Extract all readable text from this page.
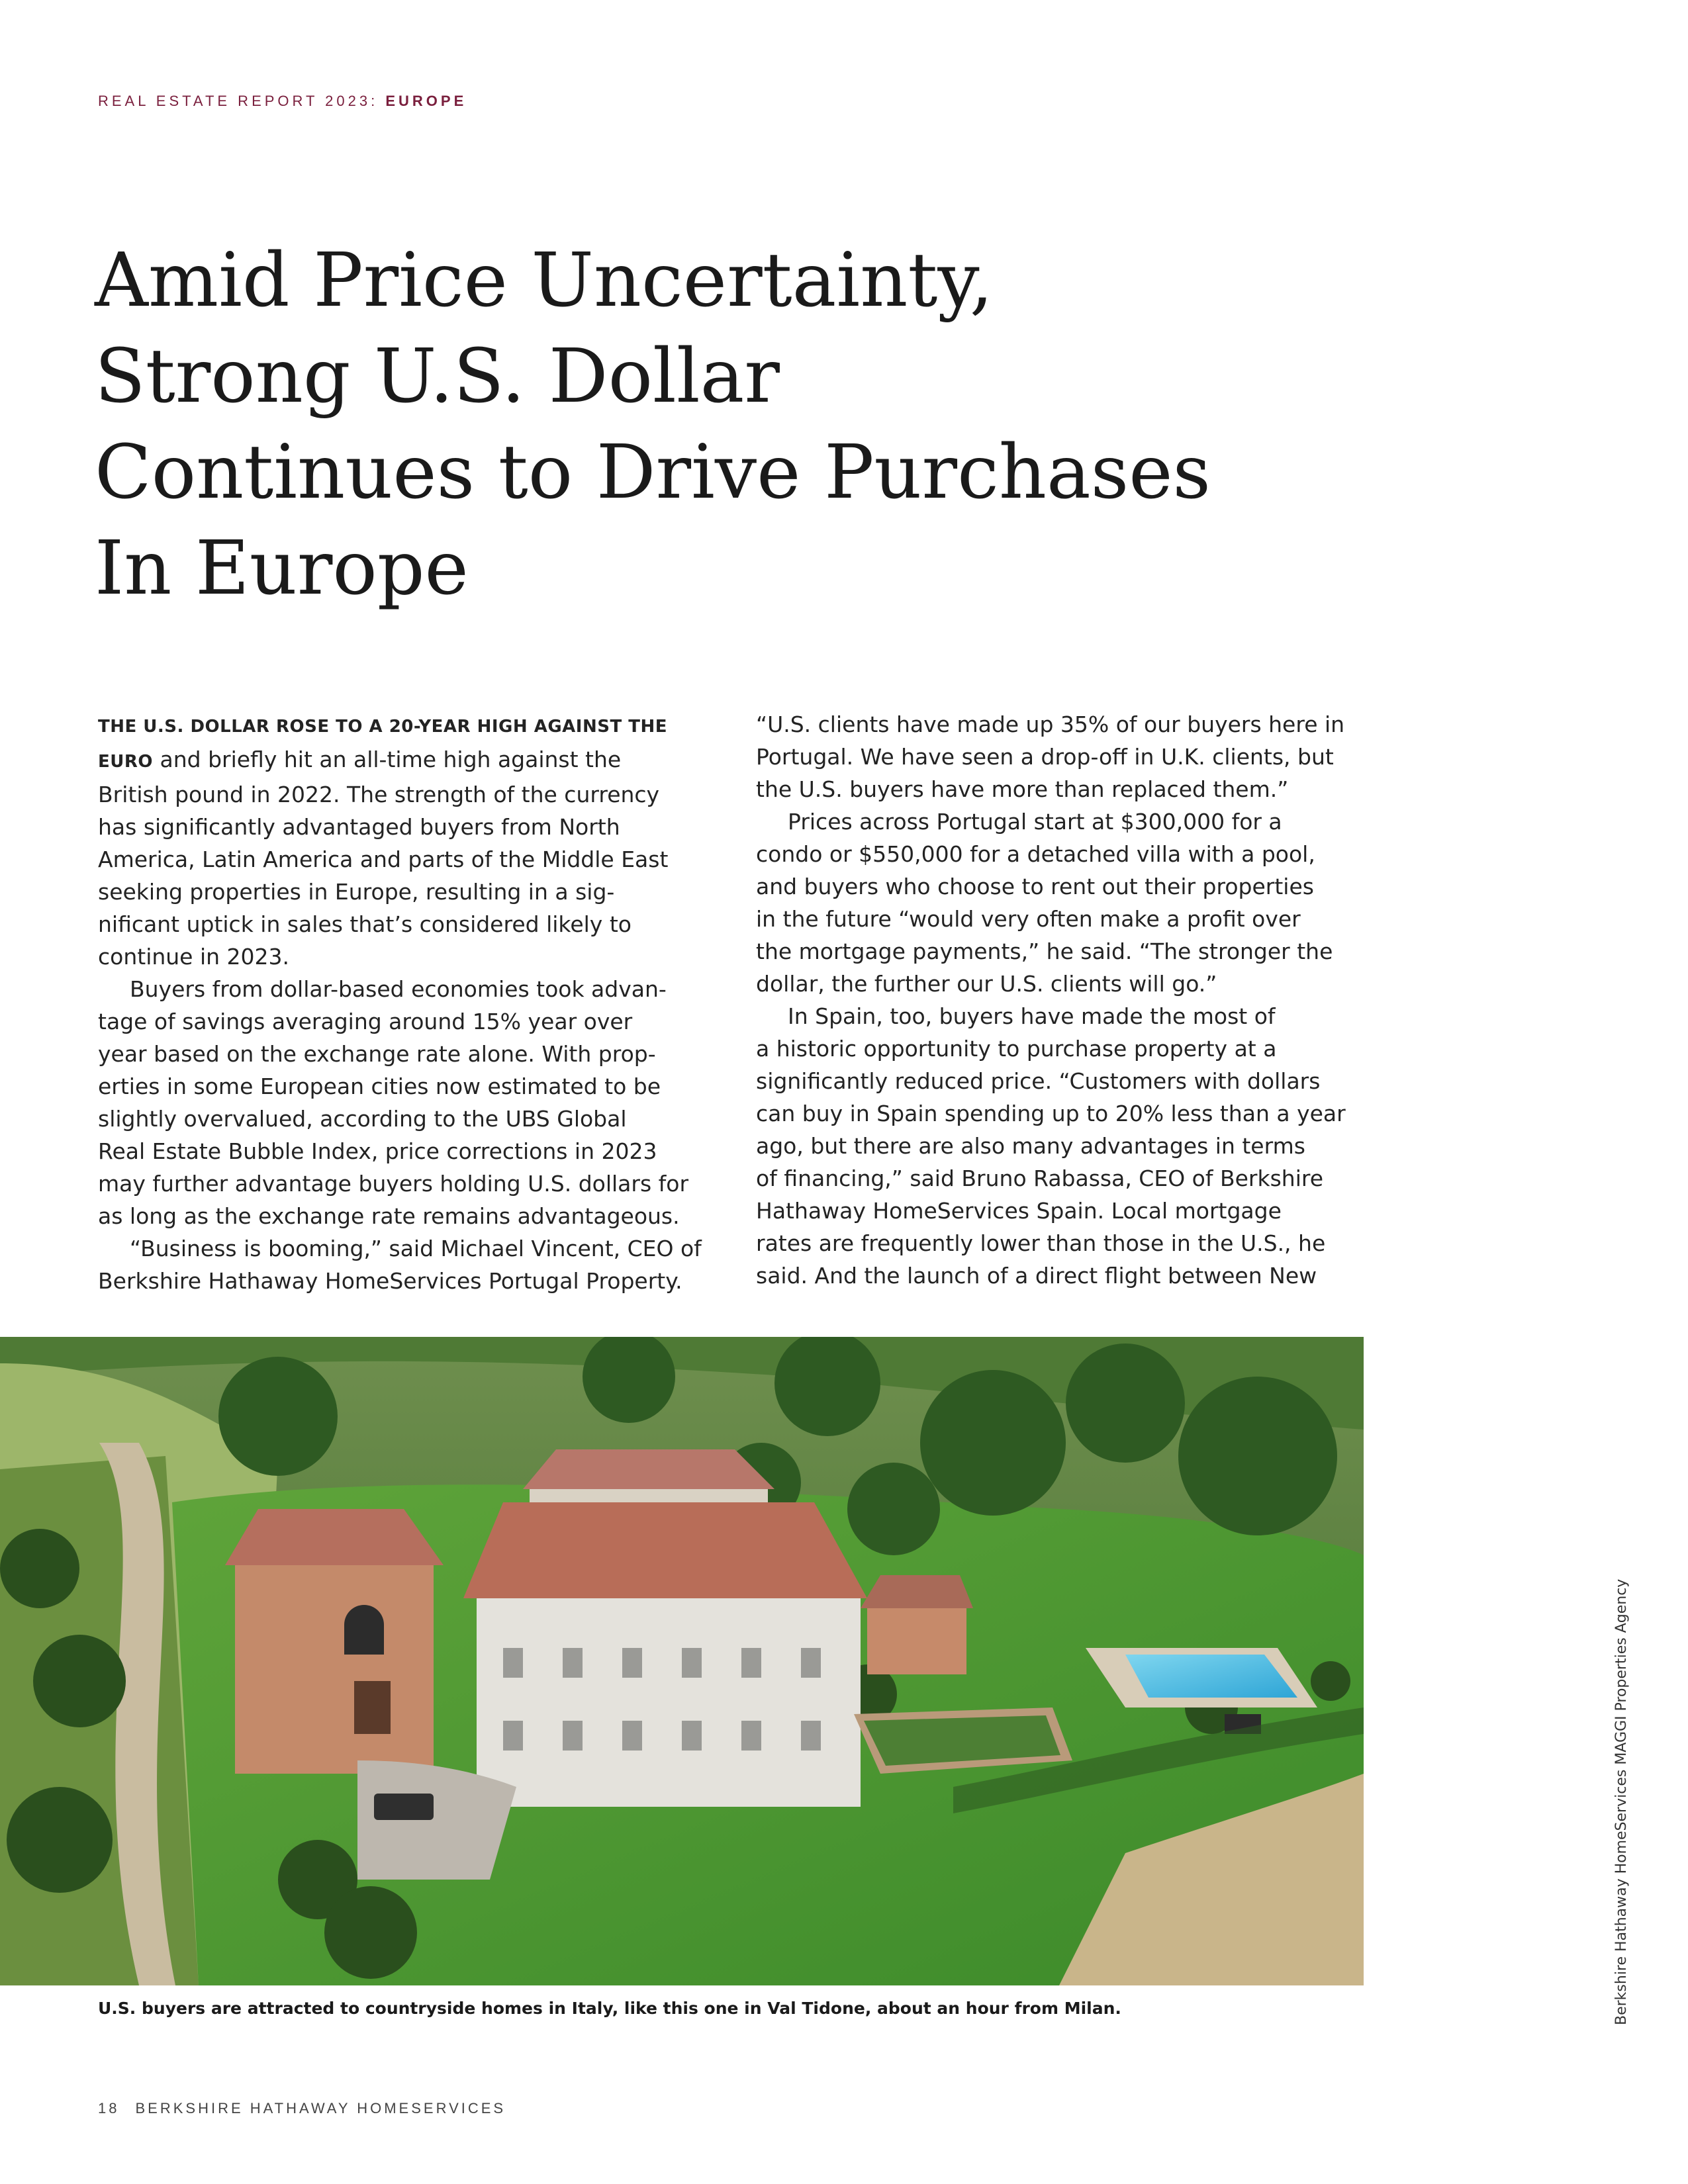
REAL ESTATE REPORT 2023: EUROPE
Amid Price Uncertainty,
Strong U.S. Dollar
Continues to Drive Purchases
In Europe

THE U.S. DOLLAR ROSE TO A 20-YEAR HIGH AGAINST THE

EURO and briefly hit an all-time high against the

British pound in 2022. The strength of the currency

has significantly advantaged buyers from North

America, Latin America and parts of the Middle East

seeking properties in Europe, resulting in a sig-

nificant uptick in sales that’s considered likely to

continue in 2023.

Buyers from dollar-based economies took advan-

tage of savings averaging around 15% year over

year based on the exchange rate alone. With prop-

erties in some European cities now estimated to be

slightly overvalued, according to the UBS Global

Real Estate Bubble Index, price corrections in 2023

may further advantage buyers holding U.S. dollars for

as long as the exchange rate remains advantageous.

“Business is booming,” said Michael Vincent, CEO of

Berkshire Hathaway HomeServices Portugal Property.

“U.S. clients have made up 35% of our buyers here in

Portugal. We have seen a drop-off in U.K. clients, but

the U.S. buyers have more than replaced them.”

Prices across Portugal start at $300,000 for a

condo or $550,000 for a detached villa with a pool,

and buyers who choose to rent out their properties

in the future “would very often make a profit over

the mortgage payments,” he said. “The stronger the

dollar, the further our U.S. clients will go.”

In Spain, too, buyers have made the most of

a historic opportunity to purchase property at a

significantly reduced price. “Customers with dollars

can buy in Spain spending up to 20% less than a year

ago, but there are also many advantages in terms

of financing,” said Bruno Rabassa, CEO of Berkshire

Hathaway HomeServices Spain. Local mortgage

rates are frequently lower than those in the U.S., he

said. And the launch of a direct flight between New

U.S. buyers are attracted to countryside homes in Italy, like this one in Val Tidone, about an hour from Milan.	Berkshire Hathaway HomeServices MAGGI Properties Agency
18 BERKSHIRE HATHAWAY HOMESERVICES
